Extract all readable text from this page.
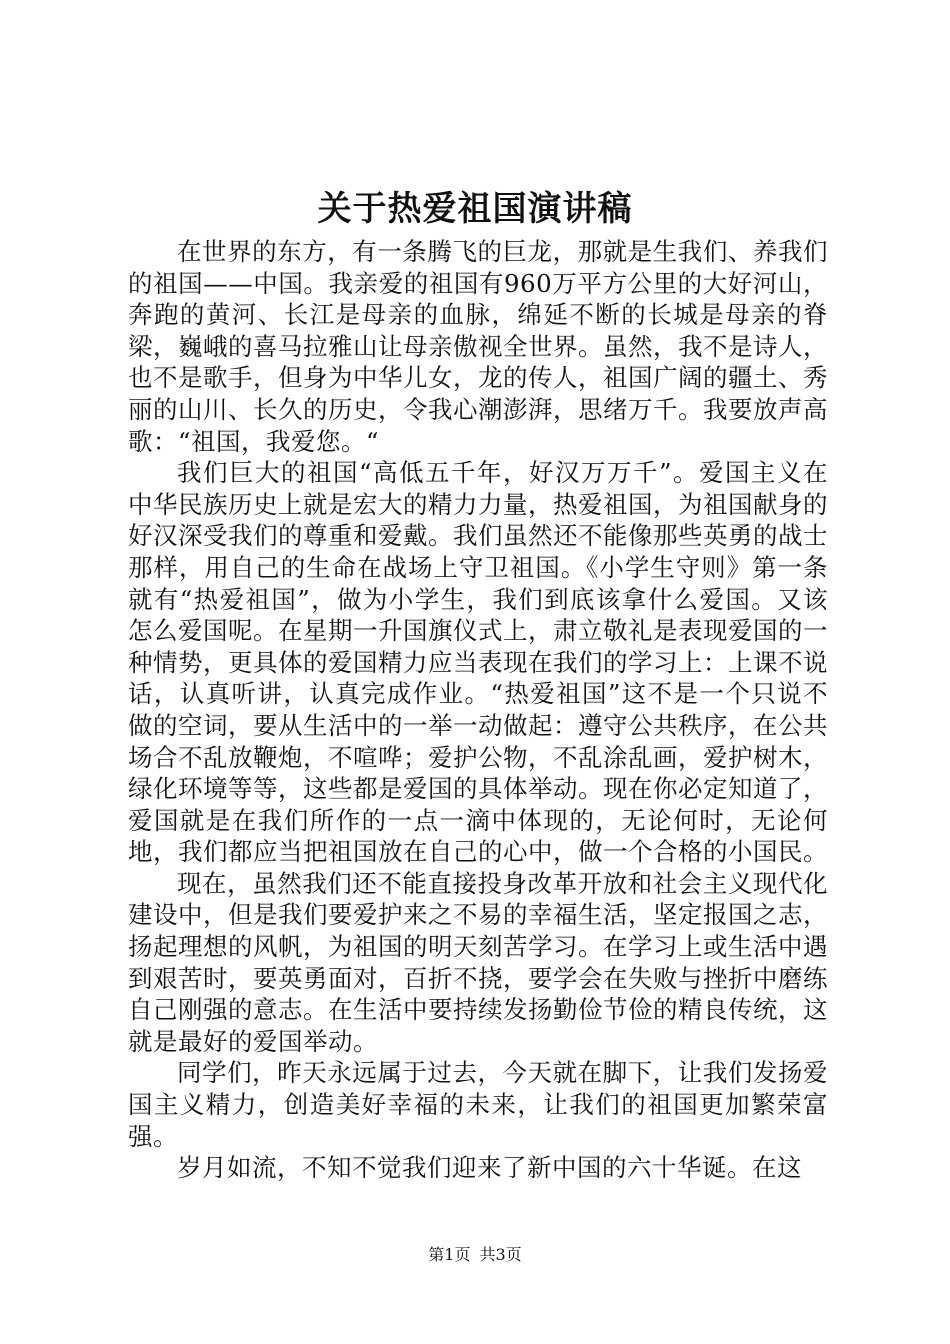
关于热爱祖国演讲稿

在世界的东方，有一条腾飞的巨龙，那就是生我们、养我们的祖国——中国。我亲爱的祖国有960万平方公里的大好河山，奔跑的黄河、长江是母亲的血脉，绵延不断的长城是母亲的脊梁，巍峨的喜马拉雅山让母亲傲视全世界。虽然，我不是诗人，也不是歌手，但身为中华儿女，龙的传人，祖国广阔的疆土、秀丽的山川、长久的历史，令我心潮澎湃，思绪万千。我要放声高歌：“祖国，我爱您。“

我们巨大的祖国“高低五千年，好汉万万千”。爱国主义在中华民族历史上就是宏大的精力力量，热爱祖国，为祖国献身的好汉深受我们的尊重和爱戴。我们虽然还不能像那些英勇的战士那样，用自己的生命在战场上守卫祖国。《小学生守则》第一条就有“热爱祖国”，做为小学生，我们到底该拿什么爱国。又该怎么爱国呢。在星期一升国旗仪式上，肃立敬礼是表现爱国的一种情势，更具体的爱国精力应当表现在我们的学习上：上课不说话，认真听讲，认真完成作业。“热爱祖国”这不是一个只说不做的空词，要从生活中的一举一动做起：遵守公共秩序，在公共场合不乱放鞭炮，不喧哗；爱护公物，不乱涂乱画，爱护树木，绿化环境等等，这些都是爱国的具体举动。现在你必定知道了，爱国就是在我们所作的一点一滴中体现的，无论何时，无论何地，我们都应当把祖国放在自己的心中，做一个合格的小国民。

现在，虽然我们还不能直接投身改革开放和社会主义现代化建设中，但是我们要爱护来之不易的幸福生活，坚定报国之志，扬起理想的风帆，为祖国的明天刻苦学习。在学习上或生活中遇到艰苦时，要英勇面对，百折不挠，要学会在失败与挫折中磨练自己刚强的意志。在生活中要持续发扬勤俭节俭的精良传统，这就是最好的爱国举动。

同学们，昨天永远属于过去，今天就在脚下，让我们发扬爱国主义精力，创造美好幸福的未来，让我们的祖国更加繁荣富强。

岁月如流，不知不觉我们迎来了新中国的六十华诞。在这

第1页 共3页
